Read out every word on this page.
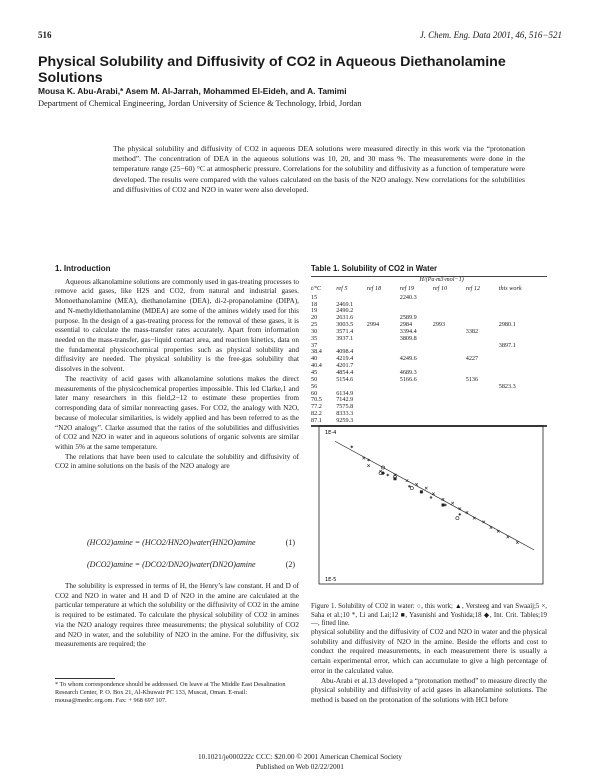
516	J. Chem. Eng. Data 2001, 46, 516−521
Physical Solubility and Diffusivity of CO2 in Aqueous Diethanolamine Solutions
Mousa K. Abu-Arabi,* Asem M. Al-Jarrah, Mohammed El-Eideh, and A. Tamimi
Department of Chemical Engineering, Jordan University of Science & Technology, Irbid, Jordan
The physical solubility and diffusivity of CO2 in aqueous DEA solutions were measured directly in this work via the “protonation method”. The concentration of DEA in the aqueous solutions was 10, 20, and 30 mass %. The measurements were done in the temperature range (25−60) °C at atmospheric pressure. Correlations for the solubility and diffusivity as a function of temperature were developed. The results were compared with the values calculated on the basis of the N2O analogy. New correlations for the solubilities and diffusivities of CO2 and N2O in water were also developed.
1. Introduction

Aqueous alkanolamine solutions are commonly used in gas-treating processes to remove acid gases, like H2S and CO2, from natural and industrial gases. Monoethanolamine (MEA), diethanolamine (DEA), di-2-propanolamine (DIPA), and N-methyldiethanolamine (MDEA) are some of the amines widely used for this purpose. In the design of a gas-treating process for the removal of these gases, it is essential to calculate the mass-transfer rates accurately. Apart from information needed on the mass-transfer, gas−liquid contact area, and reaction kinetics, data on the fundamental physicochemical properties such as physical solubility and diffusivity are needed. The physical solubility is the free-gas solubility that dissolves in the solvent.

The reactivity of acid gases with alkanolamine solutions makes the direct measurements of the physicochemical properties impossible. This led Clarke,1 and later many researchers in this field,2−12 to estimate these properties from corresponding data of similar nonreacting gases. For CO2, the analogy with N2O, because of molecular similarities, is widely applied and has been referred to as the “N2O analogy”. Clarke assumed that the ratios of the solubilities and diffusivities of CO2 and N2O in water and in aqueous solutions of organic solvents are similar within 5% at the same temperature.

The relations that have been used to calculate the solubility and diffusivity of CO2 in amine solutions on the basis of the N2O analogy are

(HCO2)amine = (HCO2/HN2O)water(HN2O)amine	(1)
(DCO2)amine = (DCO2/DN2O)water(DN2O)amine	(2)

The solubility is expressed in terms of H, the Henry’s law constant. H and D of CO2 and N2O in water and H and D of N2O in the amine are calculated at the particular temperature at which the solubility or the diffusivity of CO2 in the amine is required to be estimated. To calculate the physical solubility of CO2 in amines via the N2O analogy requires three measurements; the physical solubility of CO2 and N2O in water, and the solubility of N2O in the amine. For the diffusivity, six measurements are required; the

* To whom correspondence should be addressed. On leave at The Middle East Desalination Research Center, P. O. Box 21, Al-Khuwair PC 133, Muscat, Oman. E-mail: mousa@medrc.org.om. Fax: + 968 697 107.
Table 1. Solubility of CO2 in Water

	H/(Pa·m3·mol−1)					
t/°C	ref 5	ref 18	ref 19	ref 10	ref 12	this work
15			2240.3			
18	2469.1					
19	2490.2					
20	2631.6		2589.9			
25	3003.5	2994	2984	2993		2980.1
30	3571.4		3394.4		3382	
35	3937.1		3809.8			
37						3897.1
38.4	4098.4					
40	4219.4		4249.6		4227	
40.4	4201.7					
45	4854.4		4689.3			
50	5154.6		5166.6		5136	
56						5823.3
60	6134.9					
70.5	7142.9					
77.2	7575.8					
82.2	8333.3					
87.1	9259.3					

1E-4
1E-5
Figure 1. Solubility of CO2 in water: ○, this work; ▲, Versteeg and van Swaaij;5 ×, Saha et al.;10 *, Li and Lai;12 ■, Yasunishi and Yoshida;18 ◆, Int. Crit. Tables;19 —, fitted line.

physical solubility and the diffusivity of CO2 and N2O in water and the physical solubility and diffusivity of N2O in the amine. Beside the efforts and cost to conduct the required measurements, in each measurement there is usually a certain experimental error, which can accumulate to give a high percentage of error in the calculated value.

Abu-Arabi et al.13 developed a “protonation method” to measure directly the physical solubility and diffusivity of acid gases in alkanolamine solutions. The method is based on the protonation of the solutions with HCl before

10.1021/je000222c CCC: $20.00 © 2001 American Chemical Society
Published on Web 02/22/2001
